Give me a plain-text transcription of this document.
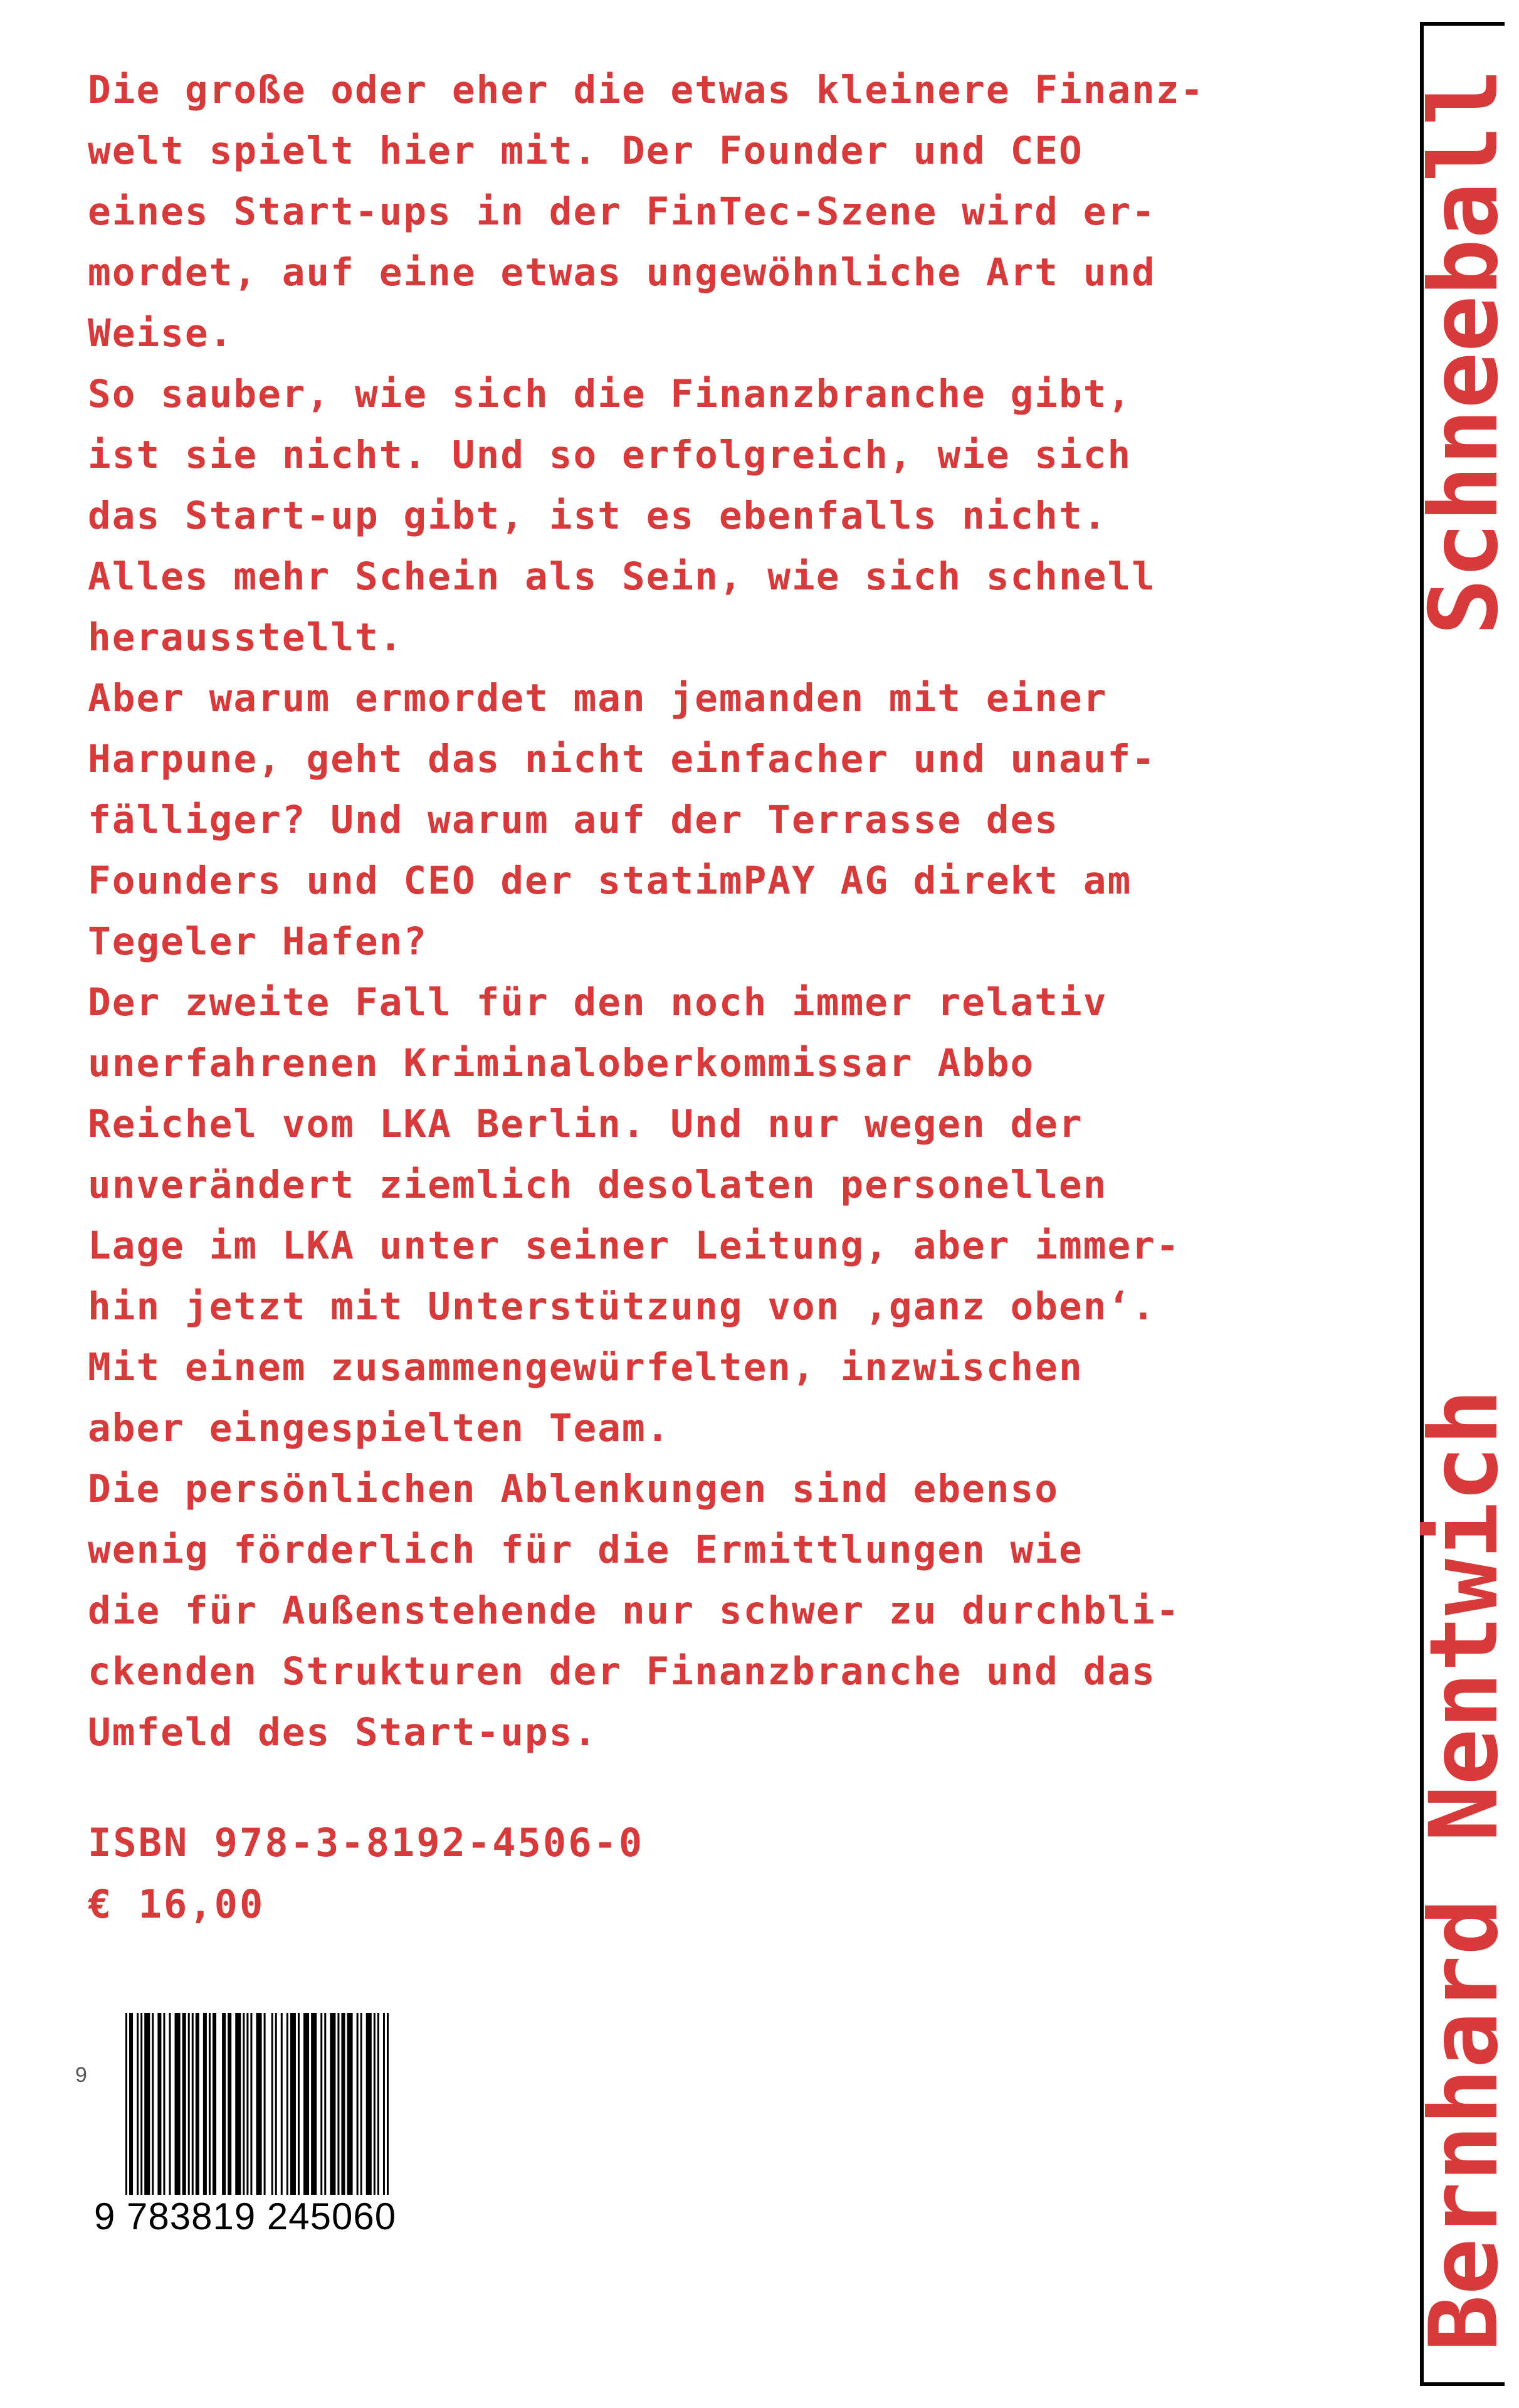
Die große oder eher die etwas kleinere Finanz-
welt spielt hier mit. Der Founder und CEO
eines Start-ups in der FinTec-Szene wird er-
mordet, auf eine etwas ungewöhnliche Art und
Weise.

So sauber, wie sich die Finanzbranche gibt,
ist sie nicht. Und so erfolgreich, wie sich
das Start-up gibt, ist es ebenfalls nicht.
Alles mehr Schein als Sein, wie sich schnell
herausstellt.

Aber warum ermordet man jemanden mit einer
Harpune, geht das nicht einfacher und unauf-
fälliger? Und warum auf der Terrasse des
Founders und CEO der statimPAY AG direkt am
Tegeler Hafen?

Der zweite Fall für den noch immer relativ
unerfahrenen Kriminaloberkommissar Abbo
Reichel vom LKA Berlin. Und nur wegen der
unverändert ziemlich desolaten personellen
Lage im LKA unter seiner Leitung, aber immer-
hin jetzt mit Unterstützung von ‚ganz oben‘.
Mit einem zusammengewürfelten, inzwischen
aber eingespielten Team.

Die persönlichen Ablenkungen sind ebenso
wenig förderlich für die Ermittlungen wie
die für Außenstehende nur schwer zu durchbli-
ckenden Strukturen der Finanzbranche und das
Umfeld des Start-ups.

ISBN 978-3-8192-4506-0
€ 16,00
9
9 783819 245060	Bernhard Nentwich
Schneeball
